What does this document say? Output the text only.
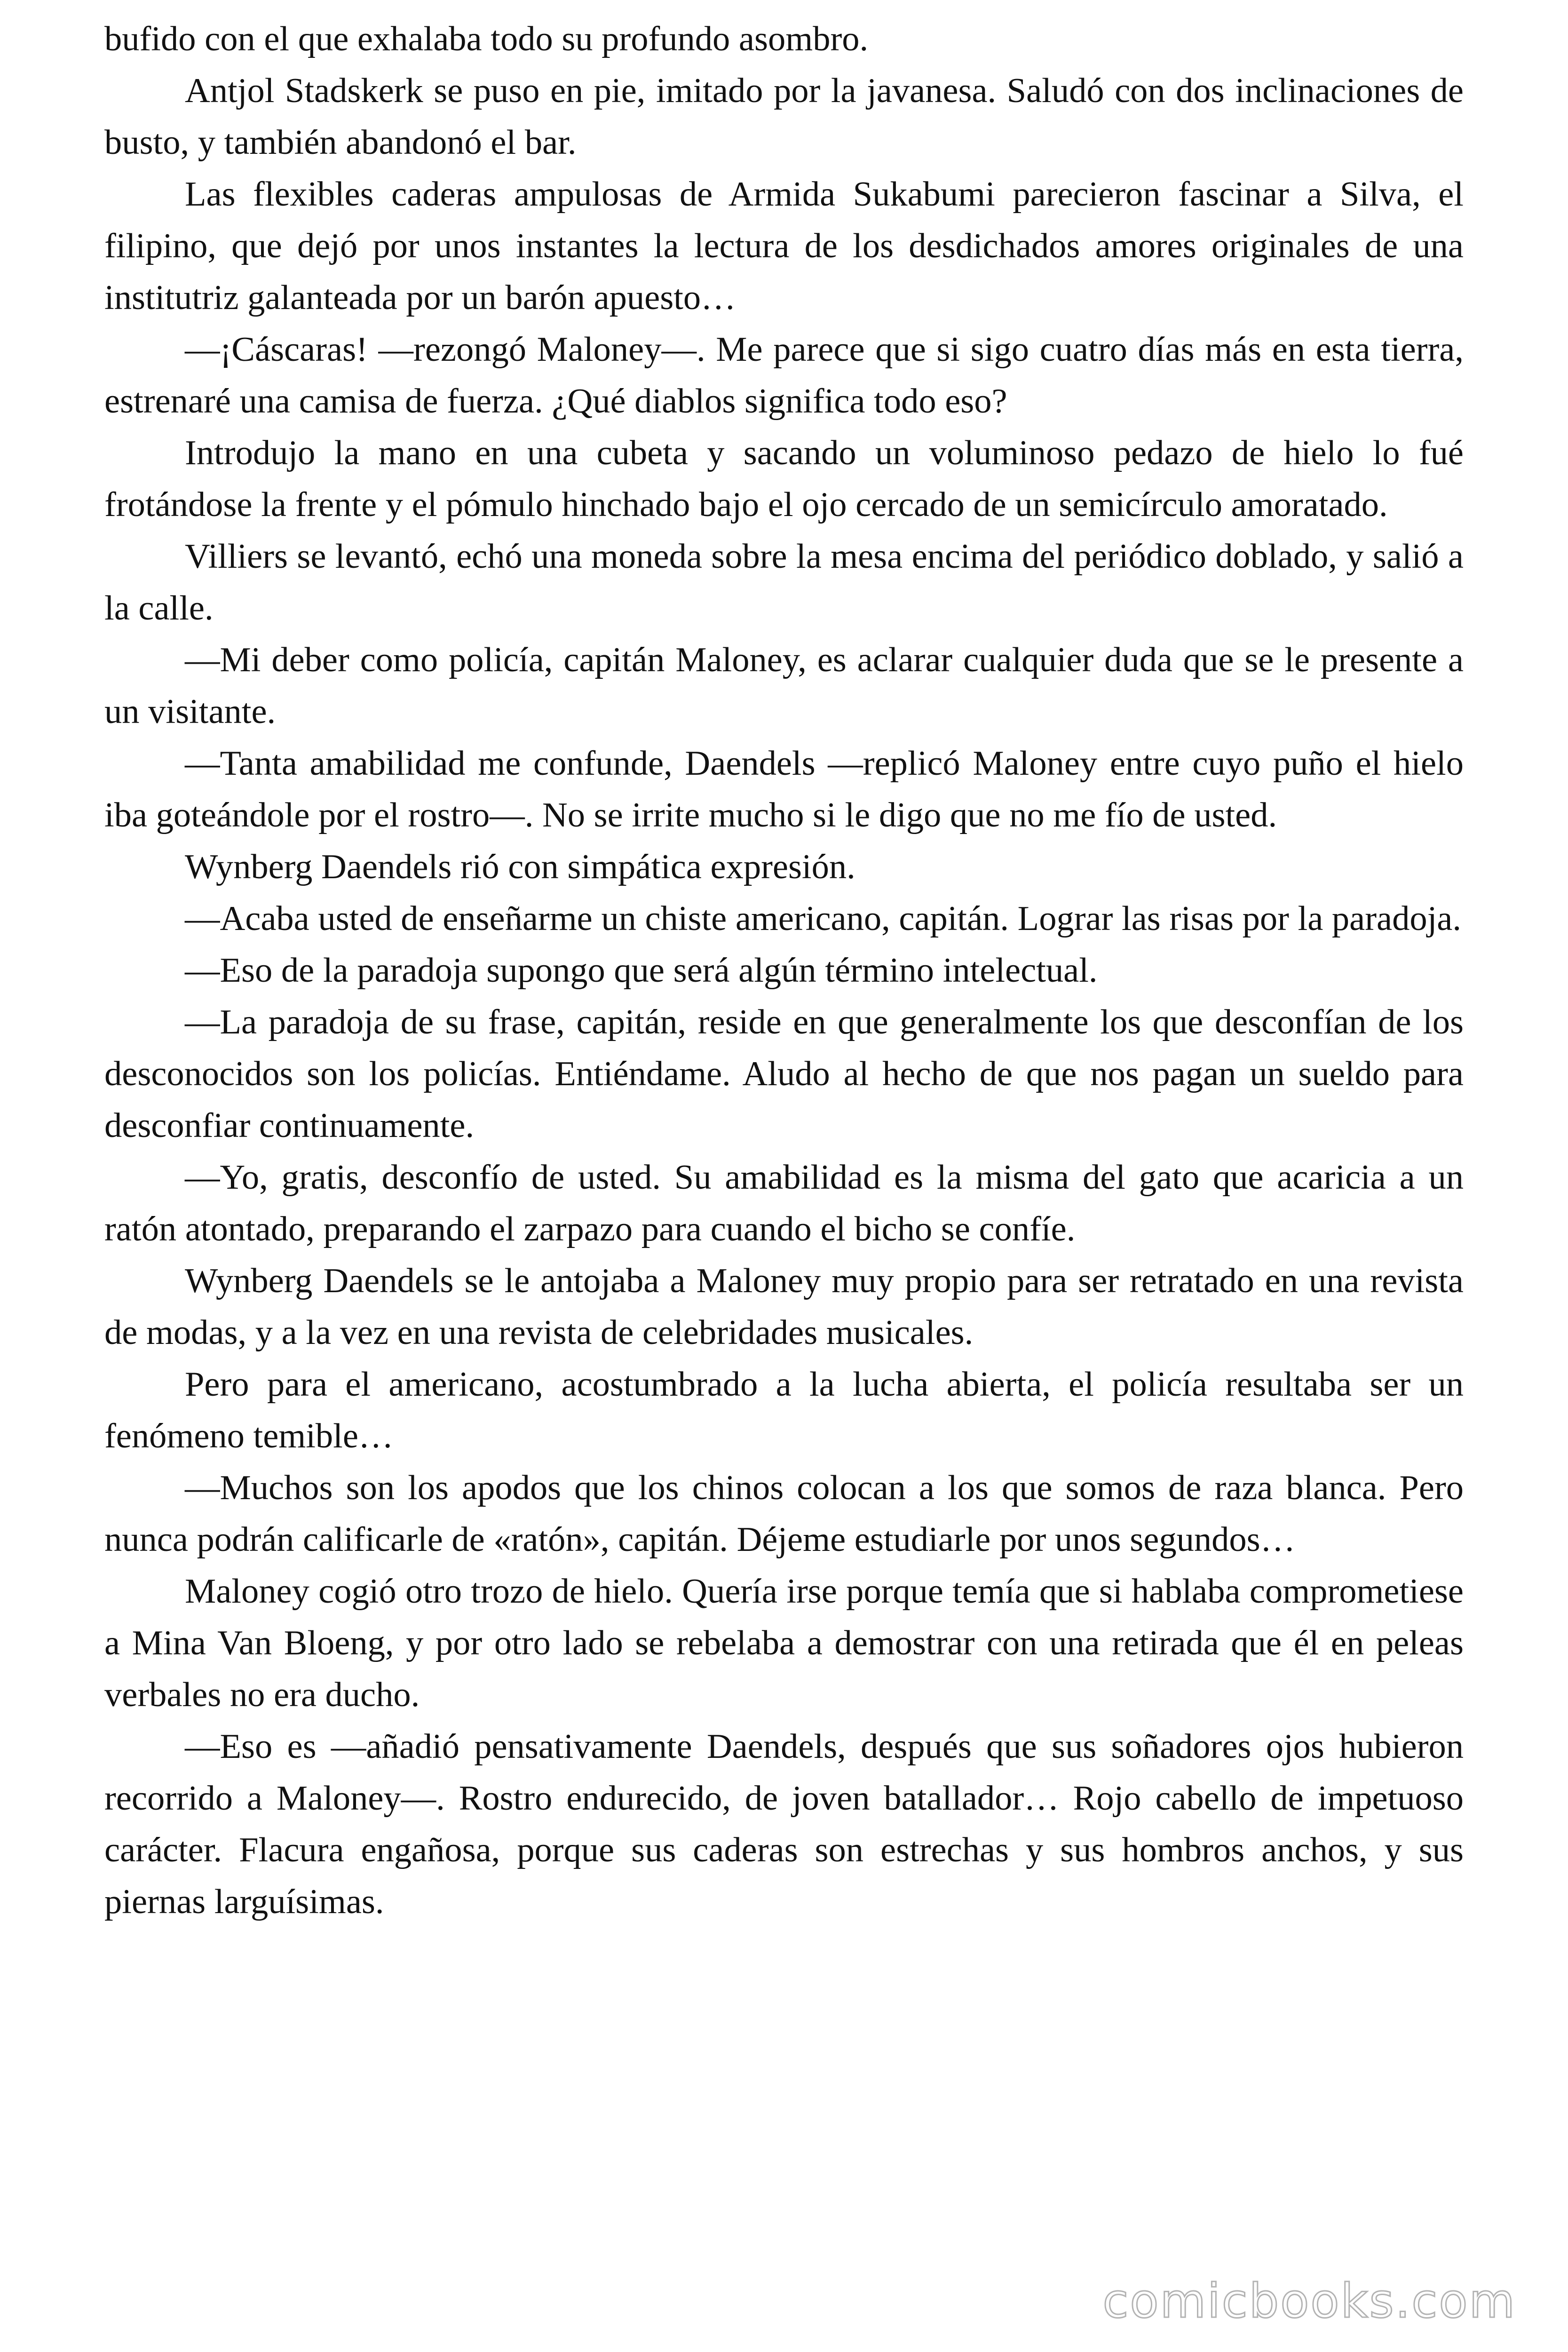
bufido con el que exhalaba todo su profundo asombro.

Antjol Stadskerk se puso en pie, imitado por la javanesa. Saludó con dos inclinaciones de busto, y también abandonó el bar.

Las flexibles caderas ampulosas de Armida Sukabumi parecieron fascinar a Silva, el filipino, que dejó por unos instantes la lectura de los desdichados amores originales de una institutriz galanteada por un barón apuesto…

—¡Cáscaras! —rezongó Maloney—. Me parece que si sigo cuatro días más en esta tierra, estrenaré una camisa de fuerza. ¿Qué diablos significa todo eso?

Introdujo la mano en una cubeta y sacando un voluminoso pedazo de hielo lo fué frotándose la frente y el pómulo hinchado bajo el ojo cercado de un semicírculo amoratado.

Villiers se levantó, echó una moneda sobre la mesa encima del periódico doblado, y salió a la calle.

—Mi deber como policía, capitán Maloney, es aclarar cualquier duda que se le presente a un visitante.

—Tanta amabilidad me confunde, Daendels —replicó Maloney entre cuyo puño el hielo iba goteándole por el rostro—. No se irrite mucho si le digo que no me fío de usted.

Wynberg Daendels rió con simpática expresión.

—Acaba usted de enseñarme un chiste americano, capitán. Lograr las risas por la paradoja.

—Eso de la paradoja supongo que será algún término intelectual.

—La paradoja de su frase, capitán, reside en que generalmente los que desconfían de los desconocidos son los policías. Entiéndame. Aludo al hecho de que nos pagan un sueldo para desconfiar continuamente.

—Yo, gratis, desconfío de usted. Su amabilidad es la misma del gato que acaricia a un ratón atontado, preparando el zarpazo para cuando el bicho se confíe.

Wynberg Daendels se le antojaba a Maloney muy propio para ser retratado en una revista de modas, y a la vez en una revista de celebridades musicales.

Pero para el americano, acostumbrado a la lucha abierta, el policía resultaba ser un fenómeno temible…

—Muchos son los apodos que los chinos colocan a los que somos de raza blanca. Pero nunca podrán calificarle de «ratón», capitán. Déjeme estudiarle por unos segundos…

Maloney cogió otro trozo de hielo. Quería irse porque temía que si hablaba comprometiese a Mina Van Bloeng, y por otro lado se rebelaba a demostrar con una retirada que él en peleas verbales no era ducho.

—Eso es —añadió pensativamente Daendels, después que sus soñadores ojos hubieron recorrido a Maloney—. Rostro endurecido, de joven batallador… Rojo cabello de impetuoso carácter. Flacura engañosa, porque sus caderas son estrechas y sus hombros anchos, y sus piernas larguísimas.

comicbooks.com
